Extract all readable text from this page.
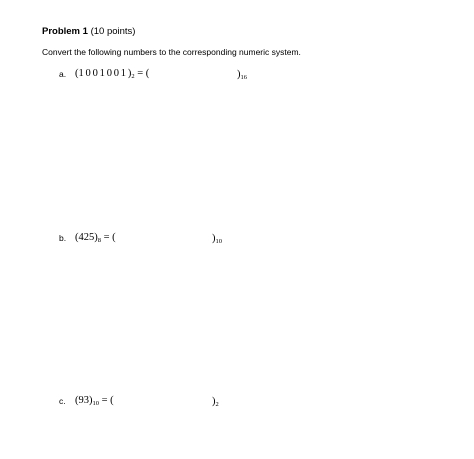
Problem 1 (10 points)
Convert the following numbers to the corresponding numeric system.
a. $(1001001)_2$ = (	)$_{16}$
b. $(425)_8$ = (	)$_{10}$
c. $(93)_{10}$ = (	)$_2$
